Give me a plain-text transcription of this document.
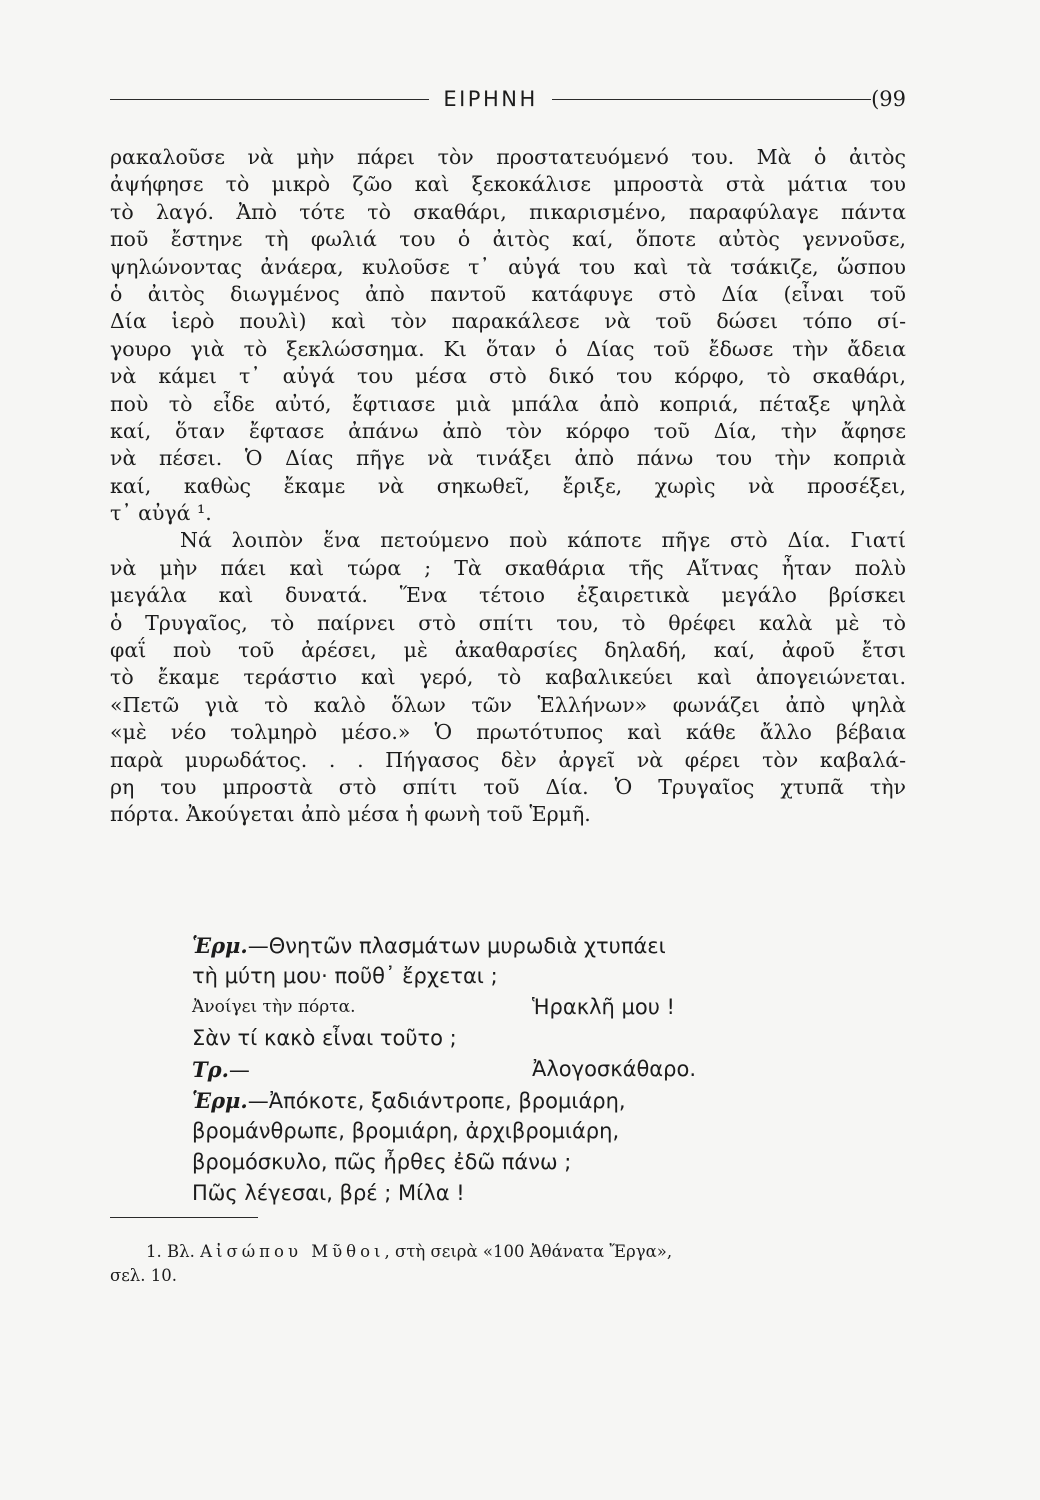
ΕΙΡΗΝΗ	(99
ρακαλοῦσε νὰ μὴν πάρει τὸν προστατευόμενό του. Μὰ ὁ ἀιτὸς
ἀψήφησε τὸ μικρὸ ζῶο καὶ ξεκοκάλισε μπροστὰ στὰ μάτια του
τὸ λαγό. Ἀπὸ τότε τὸ σκαθάρι, πικαρισμένο, παραφύλαγε πάντα
ποῦ ἔστηνε τὴ φωλιά του ὁ ἀιτὸς καί, ὅποτε αὐτὸς γεννοῦσε,
ψηλώνοντας ἀνάερα, κυλοῦσε τ᾿ αὐγά του καὶ τὰ τσάκιζε, ὥσπου
ὁ ἀιτὸς διωγμένος ἀπὸ παντοῦ κατάφυγε στὸ Δία (εἶναι τοῦ
Δία ἱερὸ πουλὶ) καὶ τὸν παρακάλεσε νὰ τοῦ δώσει τόπο σί-
γουρο γιὰ τὸ ξεκλώσσημα. Κι ὅταν ὁ Δίας τοῦ ἔδωσε τὴν ἄδεια
νὰ κάμει τ᾿ αὐγά του μέσα στὸ δικό του κόρφο, τὸ σκαθάρι,
ποὺ τὸ εἶδε αὐτό, ἔφτιασε μιὰ μπάλα ἀπὸ κοπριά, πέταξε ψηλὰ
καί, ὅταν ἔφτασε ἀπάνω ἀπὸ τὸν κόρφο τοῦ Δία, τὴν ἄφησε
νὰ πέσει. Ὁ Δίας πῆγε νὰ τινάξει ἀπὸ πάνω του τὴν κοπριὰ
καί, καθὼς ἔκαμε νὰ σηκωθεῖ, ἔριξε, χωρὶς νὰ προσέξει,
τ᾿ αὐγά ¹.
Νά λοιπὸν ἕνα πετούμενο ποὺ κάποτε πῆγε στὸ Δία. Γιατί
νὰ μὴν πάει καὶ τώρα ; Τὰ σκαθάρια τῆς Αἴτνας ἦταν πολὺ
μεγάλα καὶ δυνατά. Ἕνα τέτοιο ἐξαιρετικὰ μεγάλο βρίσκει
ὁ Τρυγαῖος, τὸ παίρνει στὸ σπίτι του, τὸ θρέφει καλὰ μὲ τὸ
φαΐ ποὺ τοῦ ἀρέσει, μὲ ἀκαθαρσίες δηλαδή, καί, ἀφοῦ ἔτσι
τὸ ἔκαμε τεράστιο καὶ γερό, τὸ καβαλικεύει καὶ ἀπογειώνεται.
«Πετῶ γιὰ τὸ καλὸ ὅλων τῶν Ἑλλήνων» φωνάζει ἀπὸ ψηλὰ
«μὲ νέο τολμηρὸ μέσο.» Ὁ πρωτότυπος καὶ κάθε ἄλλο βέβαια
παρὰ μυρωδάτος. . . Πήγασος δὲν ἀργεῖ νὰ φέρει τὸν καβαλά-
ρη του μπροστὰ στὸ σπίτι τοῦ Δία. Ὁ Τρυγαῖος χτυπᾶ τὴν
πόρτα. Ἀκούγεται ἀπὸ μέσα ἡ φωνὴ τοῦ Ἑρμῆ.
Ἑρμ.—Θνητῶν πλασμάτων μυρωδιὰ χτυπάει
τὴ μύτη μου· ποῦθ᾿ ἔρχεται ;
Ἀνοίγει τὴν πόρτα.	Ἡρακλῆ μου !
Σὰν τί κακὸ εἶναι τοῦτο ;
Τρ.—	Ἀλογοσκάθαρο.
Ἑρμ.—Ἀπόκοτε, ξαδιάντροπε, βρομιάρη,
βρομάνθρωπε, βρομιάρη, ἀρχιβρομιάρη,
βρομόσκυλο, πῶς ἦρθες ἐδῶ πάνω ;
Πῶς λέγεσαι, βρέ ; Μίλα !
1. Βλ. Αἰσώπου Μῦθοι, στὴ σειρὰ «100 Ἀθάνατα Ἔργα»,
σελ. 10.
